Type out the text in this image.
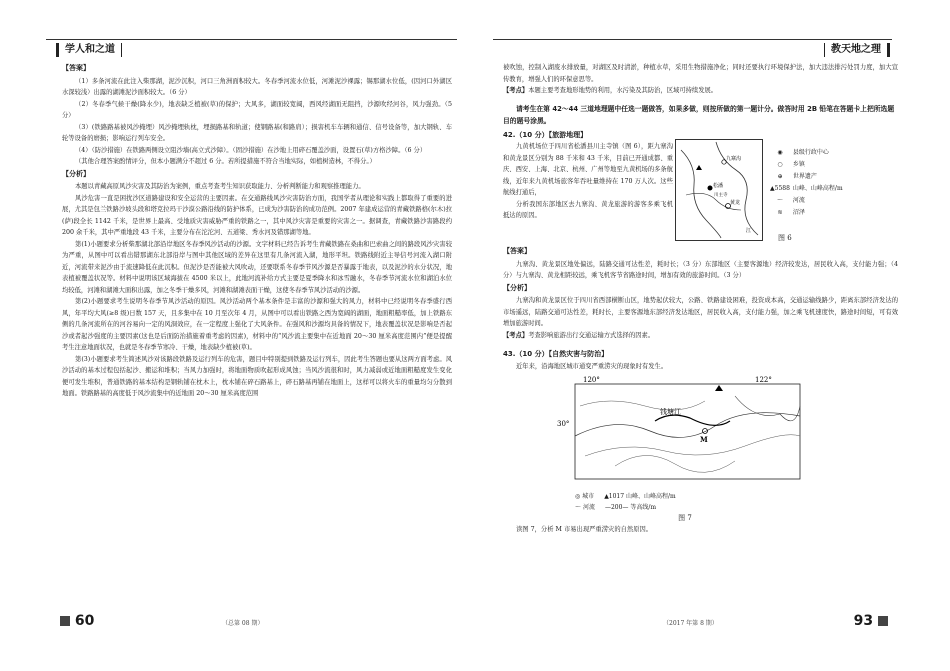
学人和之道
【答案】

（1）多条河流在此注入柴那湖，泥沙沉积，河口三角洲面积较大。冬春季河流水位低，河滩泥沙裸露；锡那湖水位低，(因河口外湖区水深较浅）出露的湖滩泥沙面积较大。（6 分）

（2）冬春季气候干燥(降水少)，地表缺乏植被(草)的保护；大风多，湖面较宽阔，西风经湖面无阻挡，沙源吹经河谷，风力强劲。（5 分）

（3）(铁路路基被风沙掩埋）风沙掩埋轨枕，埋损路基和轨道；使钢路基(和路肩）；损害机车车辆和通信、信号设备等，加大钢轨、车轮等设备的磨损；影响运行列车安全。

（4）（防沙措施）在铁路两侧设立阻沙墙(高立式沙障）。（固沙措施）在沙地上用碎石覆盖沙面，设置石(草)方格沙障。（6 分）

（其他合理答案酌情评分，但本小题满分不超过 6 分。若所提措施不符合当地实际，如植树造林，不得分。）

【分析】

本题以青藏高原风沙灾害及其防治为案例，重点考查考生知识获取能力、分析判断能力和观察推理能力。

风沙危害一直是困扰沙区道路建设和安全运营的主要因素。在交通路线风沙灾害防治方面，我国学者从理论和实践上都取得了重要的进展，尤其是包兰铁路沙坡头段和塔克拉玛干沙漠公路沿线的防护体系，已成为沙害防治的成功范例。2007 年建成运营的青藏铁路格(尔木)拉(萨)段全长 1142 千米，是世界上最高、受地质灾害威胁严重的铁路之一，其中风沙灾害是重要的灾害之一。据调查，青藏铁路沙害路段约 200 余千米，其中严重地段 43 千米，主要分布在沱沱河、五道梁、秀水河及错那湖等地。

第(1)小题要求分析柴那湖北部沿岸地区冬春季风沙活动的沙源。文字材料已经告诉考生青藏铁路在桑曲和巴索曲之间的路段风沙灾害较为严重，从图中可以看出错那湖东北部沿岸与图中其他区域的差异在这里有几条河流入湖，地形平坦。铁路线附近主导信号河流入湖口附近，河流带来泥沙由于流速降低在此沉积。但泥沙是否能被大风吹动，还要联系冬春季节风沙源是否暴露于地表，以及泥沙的水分状况，地表植被覆盖状况等。材料中说明该区域海拔在 4500 米以上，此地河流补给方式主要是夏季降水和冰雪融水，冬春季节河流水位和湖泊水位均较低，河滩和湖滩大面积出露，加之冬季干燥多风，河滩和湖滩表面干燥，这使冬春季节风沙活动的沙源。

第(2)小题要求考生说明冬春季节风沙活动的原因。风沙活动两个基本条件是丰富的沙源和强大的风力，材料中已经说明冬春季盛行西风，年平均大风(≥8 级)日数 157 天，且多集中在 10 月至次年 4 月，从图中可以看出铁路之西为宽阔的湖面，地面粗糙率低，加上铁路东侧的几条河流所在的河谷易向一定的风洞效应，在一定程度上强化了大风条件。在强风和沙源均具备的情况下，地表覆盖状况是影响是否起沙或者起沙强度的主要因素(这也是后面防治措施着重考虑的因素)，材料中的“风沙流主要集中在近地面 20～30 厘米高度范围内”便是提醒考生注意地面状况，也就是冬春季节寒冷、干燥，地表缺少植被(草)。

第(3)小题要求考生简述风沙对该路段铁路及运行列车的危害，题目中特别提到铁路及运行列车，因此考生答题也要从这两方面考虑。风沙活动的基本过程包括起沙、搬运和堆积；当风力加强时，将地面物质吹起形成风蚀；当风沙流很和时，风力减弱或近地面粗糙度发生变化便可发生堆积，普通铁路的基本结构是钢轨铺在枕木上，枕木铺在碎石路基上，碎石路基再铺在地面上，这样可以将火车的重量均匀分散到地面。铁路路基的高度低于风沙流集中的近地面 20～30 厘米高度范围

60	（总第 08 期）
教天地之理

被吹蚀，控制入湖废水排放量，对湖区及时清淤，种植水草，采用生物措施净化；同时还要执行环境保护法，加大违法排污处罚力度，加大宣传教育，增强人们的环保意思等。

【考点】本题主要考查地形地势的利用，水污染及其防治，区域可持续发展。

请考生在第 42～44 三道地理题中任选一题做答，如果多做，则按所做的第一题计分。做答时用 2B 铅笔在答题卡上把所选题目的题号涂黑。
42.（10 分）【旅游地理】

九黄机场位于四川省松潘县川主寺镇（图 6），距九寨沟和黄龙景区分别为 88 千米和 43 千米，目前已开通成都、重庆、西安、上海、北京、杭州、广州等地至九黄机场的多条航线，近年来九黄机场旅客年吞吐量维持在 170 万人次。这些航线打通后，

分析我国东部地区去九寨沟、黄龙旅游的游客多乘飞机抵达的原因。

九寨沟
松潘
黄龙
川主寺
江
◉ 县级行政中心
○ 乡镇
⊕ 世界遗产
▲5588 山峰、山峰高程/m
〜 河流
≋ 沼泽
图 6
【答案】

九寨沟、黄龙景区地处偏远，陆路交通可达性差，耗时长；（3 分）东部地区（主要客源地）经济较发达，居民收入高，支付能力强；（4 分）与九寨沟、黄龙相距较远，乘飞机客节省路途时间，增加有效的旅游时间。（3 分）

【分析】

九寨沟和黄龙景区位于四川省西部横断山区，地势起伏较大，公路、铁路建设困难，投资成本高，交通运输线路少，距离东部经济发达的市场遥远，陆路交通可达性差，耗时长，主要客源地东部经济发达地区，居民收入高，支付能力强，加之乘飞机速度快，路途时间短，可有效增加旅游时间。

【考点】考查影响旅游出行交通运输方式选择的因素。

43.（10 分）【自然灾害与防治】

近年来，沿海地区城市通变严重涝灾的现象时有发生。

120°	122°
30°
钱塘江
M
◎ 城市 ▲1017 山峰、山峰高程/m
〜 河流 —200— 等高线/m
图 7

读图 7，分析 M 市易出现严重涝灾的自然原因。

93
（2017 年第 8 期）
